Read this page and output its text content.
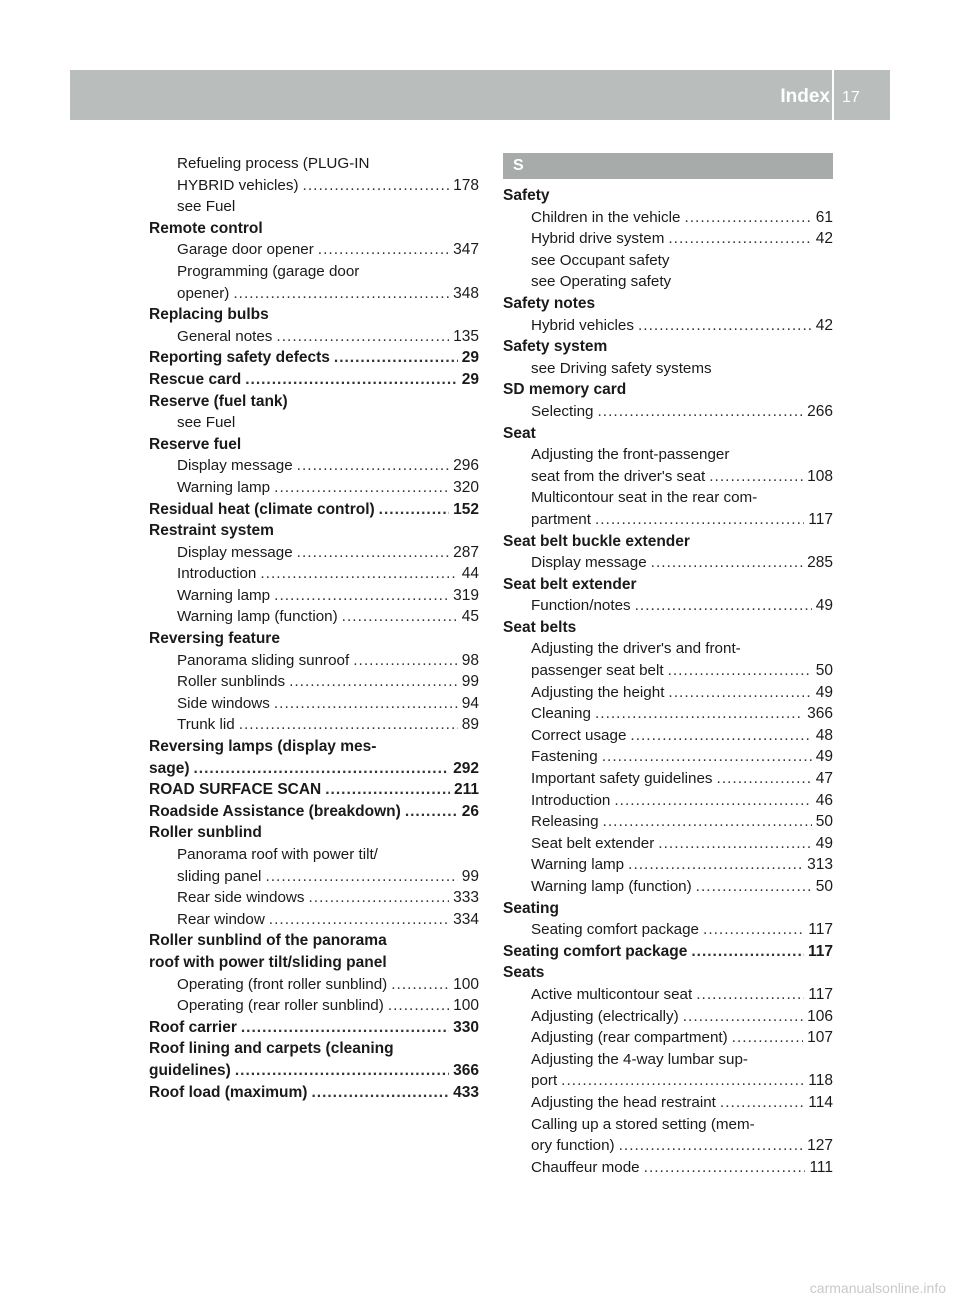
Index 17
Refueling process (PLUG-IN
HYBRID vehicles) .....	178
see Fuel
Remote control
Garage door opener .....	347
Programming (garage door
opener) .....	348
Replacing bulbs
General notes .....	135
Reporting safety defects .....	29
Rescue card .....	29
Reserve (fuel tank)
see Fuel
Reserve fuel
Display message .....	296
Warning lamp .....	320
Residual heat (climate control) .....	152
Restraint system
Display message .....	287
Introduction .....	44
Warning lamp .....	319
Warning lamp (function) .....	45
Reversing feature
Panorama sliding sunroof .....	98
Roller sunblinds .....	99
Side windows .....	94
Trunk lid .....	89
Reversing lamps (display mes-
sage) .....	292
ROAD SURFACE SCAN .....	211
Roadside Assistance (breakdown) .....	26
Roller sunblind
Panorama roof with power tilt/
sliding panel .....	99
Rear side windows .....	333
Rear window .....	334
Roller sunblind of the panorama
roof with power tilt/sliding panel
Operating (front roller sunblind) .....	100
Operating (rear roller sunblind) .....	100
Roof carrier .....	330
Roof lining and carpets (cleaning
guidelines) .....	366
Roof load (maximum) .....	433
S
Safety
Children in the vehicle .....	61
Hybrid drive system .....	42
see Occupant safety
see Operating safety
Safety notes
Hybrid vehicles .....	42
Safety system
see Driving safety systems
SD memory card
Selecting .....	266
Seat
Adjusting the front-passenger
seat from the driver's seat .....	108
Multicontour seat in the rear com-
partment .....	117
Seat belt buckle extender
Display message .....	285
Seat belt extender
Function/notes .....	49
Seat belts
Adjusting the driver's and front-
passenger seat belt .....	50
Adjusting the height .....	49
Cleaning .....	366
Correct usage .....	48
Fastening .....	49
Important safety guidelines .....	47
Introduction .....	46
Releasing .....	50
Seat belt extender .....	49
Warning lamp .....	313
Warning lamp (function) .....	50
Seating
Seating comfort package .....	117
Seating comfort package .....	117
Seats
Active multicontour seat .....	117
Adjusting (electrically) .....	106
Adjusting (rear compartment) .....	107
Adjusting the 4-way lumbar sup-
port .....	118
Adjusting the head restraint .....	114
Calling up a stored setting (mem-
ory function) .....	127
Chauffeur mode .....	111
carmanualsonline.info
